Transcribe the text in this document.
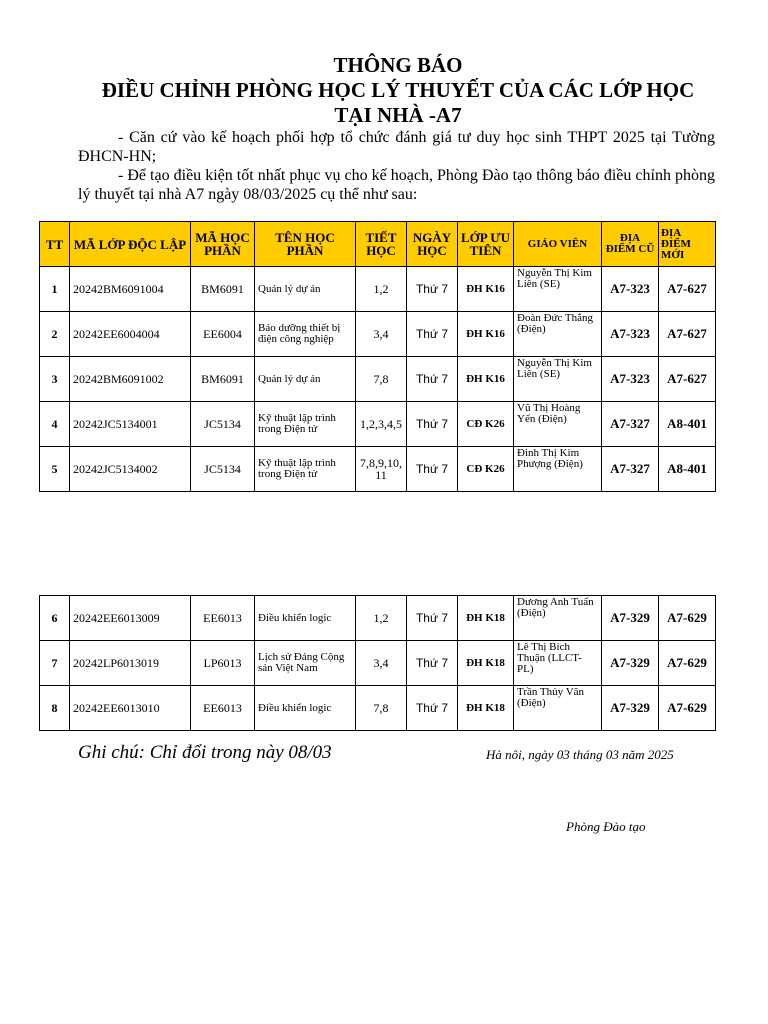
THÔNG BÁO
ĐIỀU CHỈNH PHÒNG HỌC LÝ THUYẾT CỦA CÁC LỚP HỌC
TẠI NHÀ -A7
- Căn cứ vào kế hoạch phối hợp tổ chức đánh giá tư duy học sinh THPT 2025 tại Tường ĐHCN-HN;
- Để tạo điều kiện tốt nhất phục vụ cho kế hoạch, Phòng Đào tạo thông báo điều chỉnh phòng lý thuyết tại nhà A7 ngày 08/03/2025 cụ thể như sau:
TT	MÃ LỚP ĐỘC LẬP	MÃ HỌC PHẦN	TÊN HỌC PHẦN	TIẾT HỌC	NGÀY HỌC	LỚP ƯU TIÊN	GIÁO VIÊN	ĐỊA ĐIỂM CŨ	ĐỊA ĐIỂM MỚI
1	20242BM6091004	BM6091	Quản lý dự án	1,2	Thứ 7	ĐH K16	Nguyễn Thị Kim Liên (SE)	A7-323	A7-627
2	20242EE6004004	EE6004	Bảo dưỡng thiết bị điện công nghiệp	3,4	Thứ 7	ĐH K16	Đoàn Đức Thắng (Điện)	A7-323	A7-627
3	20242BM6091002	BM6091	Quản lý dự án	7,8	Thứ 7	ĐH K16	Nguyễn Thị Kim Liên (SE)	A7-323	A7-627
4	20242JC5134001	JC5134	Kỹ thuật lập trình trong Điện tử	1,2,3,4,5	Thứ 7	CĐ K26	Vũ Thị Hoàng Yến (Điện)	A7-327	A8-401
5	20242JC5134002	JC5134	Kỹ thuật lập trình trong Điện tử	7,8,9,10, 11	Thứ 7	CĐ K26	Đinh Thị Kim Phượng (Điện)	A7-327	A8-401
6	20242EE6013009	EE6013	Điều khiển logic	1,2	Thứ 7	ĐH K18	Dương Anh Tuấn (Điện)	A7-329	A7-629
7	20242LP6013019	LP6013	Lịch sử Đảng Cộng sản Việt Nam	3,4	Thứ 7	ĐH K18	Lê Thị Bích Thuận (LLCT-PL)	A7-329	A7-629
8	20242EE6013010	EE6013	Điều khiển logic	7,8	Thứ 7	ĐH K18	Trần Thủy Vân (Điện)	A7-329	A7-629
Ghi chú: Chỉ đổi trong này 08/03	Hà nôi, ngày 03 tháng 03 năm 2025
Phòng Đào tạo
